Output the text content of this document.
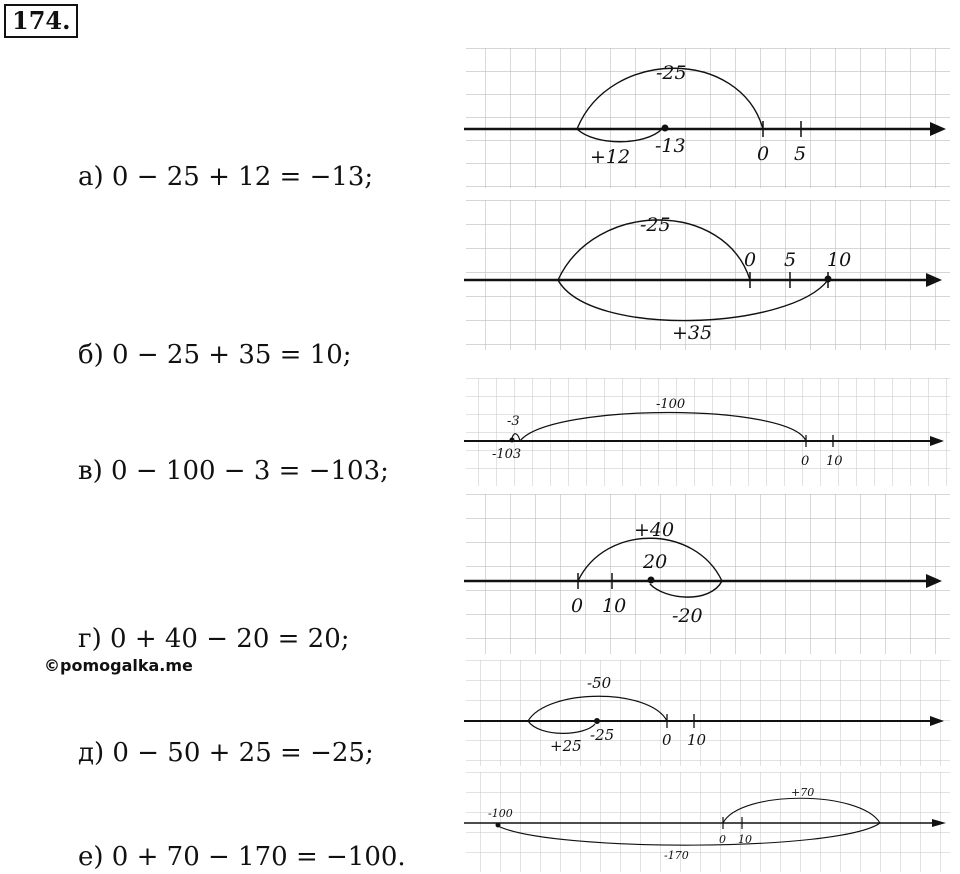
174.
а) 0 − 25 + 12 = −13;
б) 0 − 25 + 35 = 10;
в) 0 − 100 − 3 = −103;
г) 0 + 40 − 20 = 20;
д) 0 − 50 + 25 = −25;
е) 0 + 70 − 170 = −100.
©pomogalka.me
-25
+12 -13	0 5
-25
+35
0 5 10
-100
-3
-103	0 10
+40
-20
20
0 10
-50
+25
-25	0 10
+70
-170
-100
0 10
